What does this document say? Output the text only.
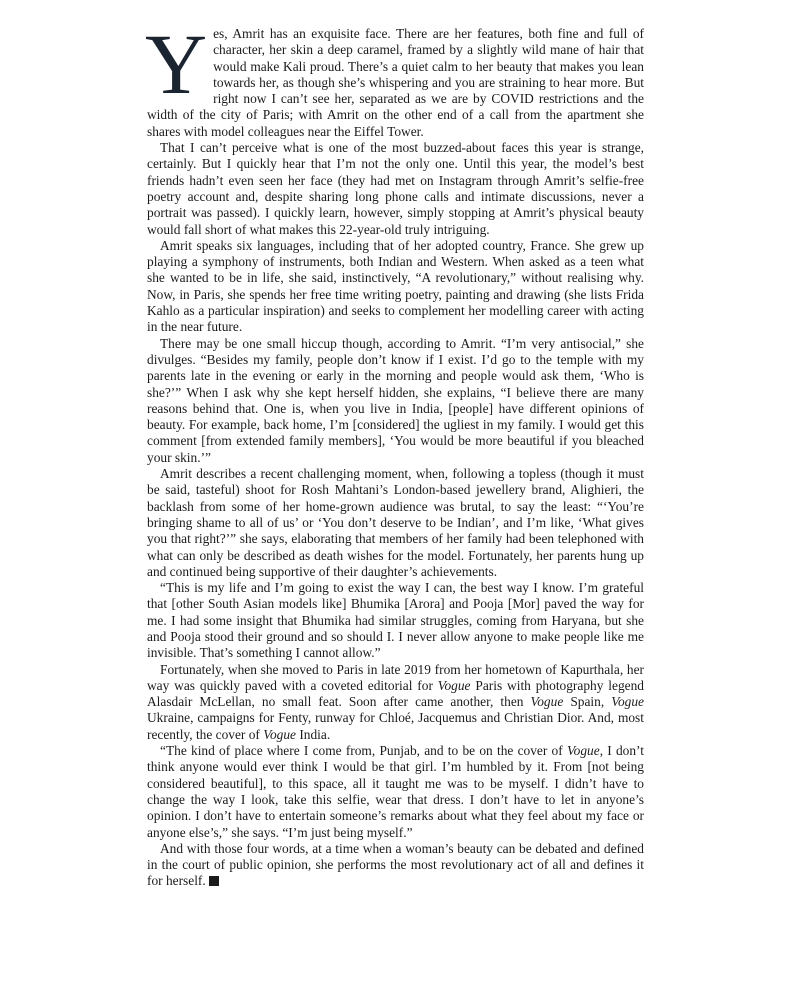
Yes, Amrit has an exquisite face. There are her features, both fine and full of character, her skin a deep caramel, framed by a slightly wild mane of hair that would make Kali proud. There’s a quiet calm to her beauty that makes you lean towards her, as though she’s whispering and you are straining to hear more. But right now I can’t see her, separated as we are by COVID restrictions and the width of the city of Paris; with Amrit on the other end of a call from the apartment she shares with model colleagues near the Eiffel Tower.

That I can’t perceive what is one of the most buzzed-about faces this year is strange, certainly. But I quickly hear that I’m not the only one. Until this year, the model’s best friends hadn’t even seen her face (they had met on Instagram through Amrit’s selfie-free poetry account and, despite sharing long phone calls and intimate discussions, never a portrait was passed). I quickly learn, however, simply stopping at Amrit’s physical beauty would fall short of what makes this 22-year-old truly intriguing.

Amrit speaks six languages, including that of her adopted country, France. She grew up playing a symphony of instruments, both Indian and Western. When asked as a teen what she wanted to be in life, she said, instinctively, “A revolutionary,” without realising why. Now, in Paris, she spends her free time writing poetry, painting and drawing (she lists Frida Kahlo as a particular inspiration) and seeks to complement her modelling career with acting in the near future.

There may be one small hiccup though, according to Amrit. “I’m very antisocial,” she divulges. “Besides my family, people don’t know if I exist. I’d go to the temple with my parents late in the evening or early in the morning and people would ask them, ‘Who is she?’” When I ask why she kept herself hidden, she explains, “I believe there are many reasons behind that. One is, when you live in India, [people] have different opinions of beauty. For example, back home, I’m [considered] the ugliest in my family. I would get this comment [from extended family members], ‘You would be more beautiful if you bleached your skin.’”

Amrit describes a recent challenging moment, when, following a topless (though it must be said, tasteful) shoot for Rosh Mahtani’s London-based jewellery brand, Alighieri, the backlash from some of her home-grown audience was brutal, to say the least: “‘You’re bringing shame to all of us’ or ‘You don’t deserve to be Indian’, and I’m like, ‘What gives you that right?’” she says, elaborating that members of her family had been telephoned with what can only be described as death wishes for the model. Fortunately, her parents hung up and continued being supportive of their daughter’s achievements.

“This is my life and I’m going to exist the way I can, the best way I know. I’m grateful that [other South Asian models like] Bhumika [Arora] and Pooja [Mor] paved the way for me. I had some insight that Bhumika had similar struggles, coming from Haryana, but she and Pooja stood their ground and so should I. I never allow anyone to make people like me invisible. That’s something I cannot allow.”

Fortunately, when she moved to Paris in late 2019 from her hometown of Kapurthala, her way was quickly paved with a coveted editorial for Vogue Paris with photography legend Alasdair McLellan, no small feat. Soon after came another, then Vogue Spain, Vogue Ukraine, campaigns for Fenty, runway for Chloé, Jacquemus and Christian Dior. And, most recently, the cover of Vogue India.

“The kind of place where I come from, Punjab, and to be on the cover of Vogue, I don’t think anyone would ever think I would be that girl. I’m humbled by it. From [not being considered beautiful], to this space, all it taught me was to be myself. I didn’t have to change the way I look, take this selfie, wear that dress. I don’t have to let in anyone’s opinion. I don’t have to entertain someone’s remarks about what they feel about my face or anyone else’s,” she says. “I’m just being myself.”

And with those four words, at a time when a woman’s beauty can be debated and defined in the court of public opinion, she performs the most revolutionary act of all and defines it for herself.
